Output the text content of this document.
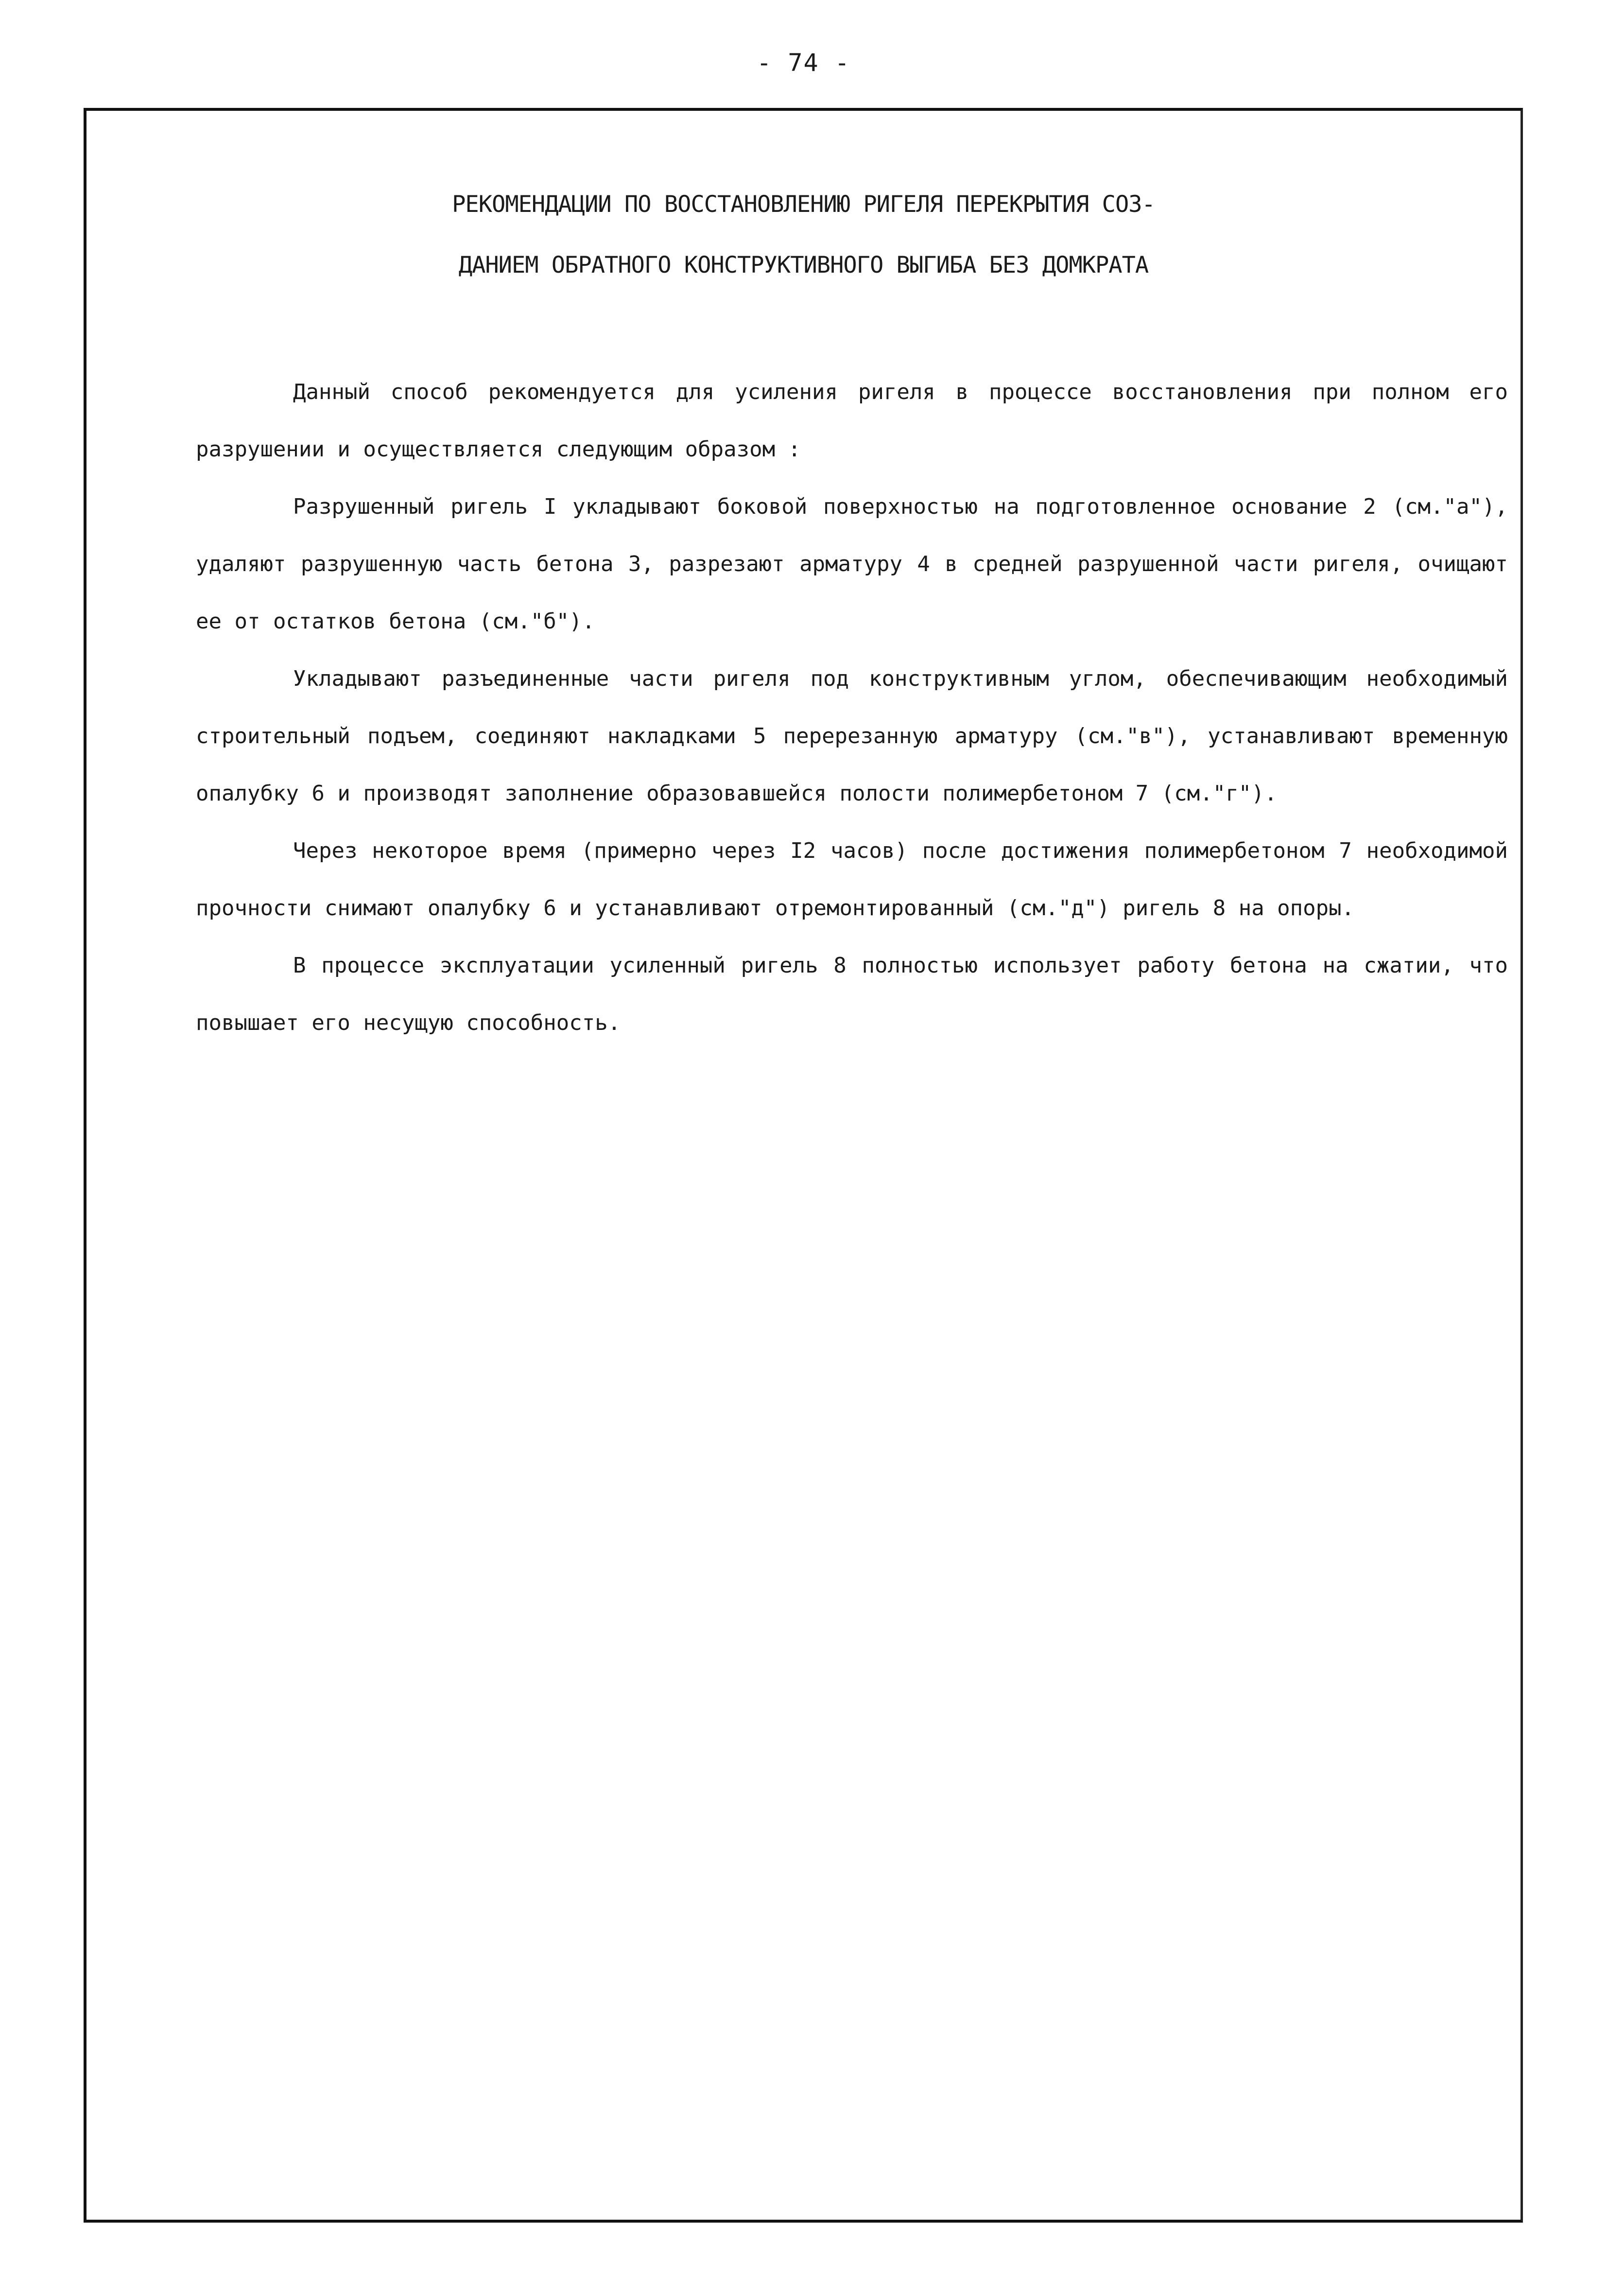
- 74 -
РЕКОМЕНДАЦИИ ПО ВОССТАНОВЛЕНИЮ РИГЕЛЯ ПЕРЕКРЫТИЯ СОЗ-
ДАНИЕМ ОБРАТНОГО КОНСТРУКТИВНОГО ВЫГИБА БЕЗ ДОМКРАТА

Данный способ рекомендуется для усиления ригеля в процессе восстановления при полном его разрушении и осуществляется следующим образом :

Разрушенный ригель I укладывают боковой поверхностью на подготовленное основание 2 (см."а"), удаляют разрушенную часть бетона 3, разрезают арматуру 4 в средней разрушенной части ригеля, очищают ее от остатков бетона (см."б").

Укладывают разъединенные части ригеля под конструктивным углом, обеспечивающим необходимый строительный подъем, соединяют накладками 5 перерезанную арматуру (см."в"), устанавливают временную опалубку 6 и производят заполнение образовавшейся полости полимербетоном 7 (см."г").

Через некоторое время (примерно через I2 часов) после достижения полимербетоном 7 необходимой прочности снимают опалубку 6 и устанавливают отремонтированный (см."д") ригель 8 на опоры.

В процессе эксплуатации усиленный ригель 8 полностью использует работу бетона на сжатии, что повышает его несущую способность.
